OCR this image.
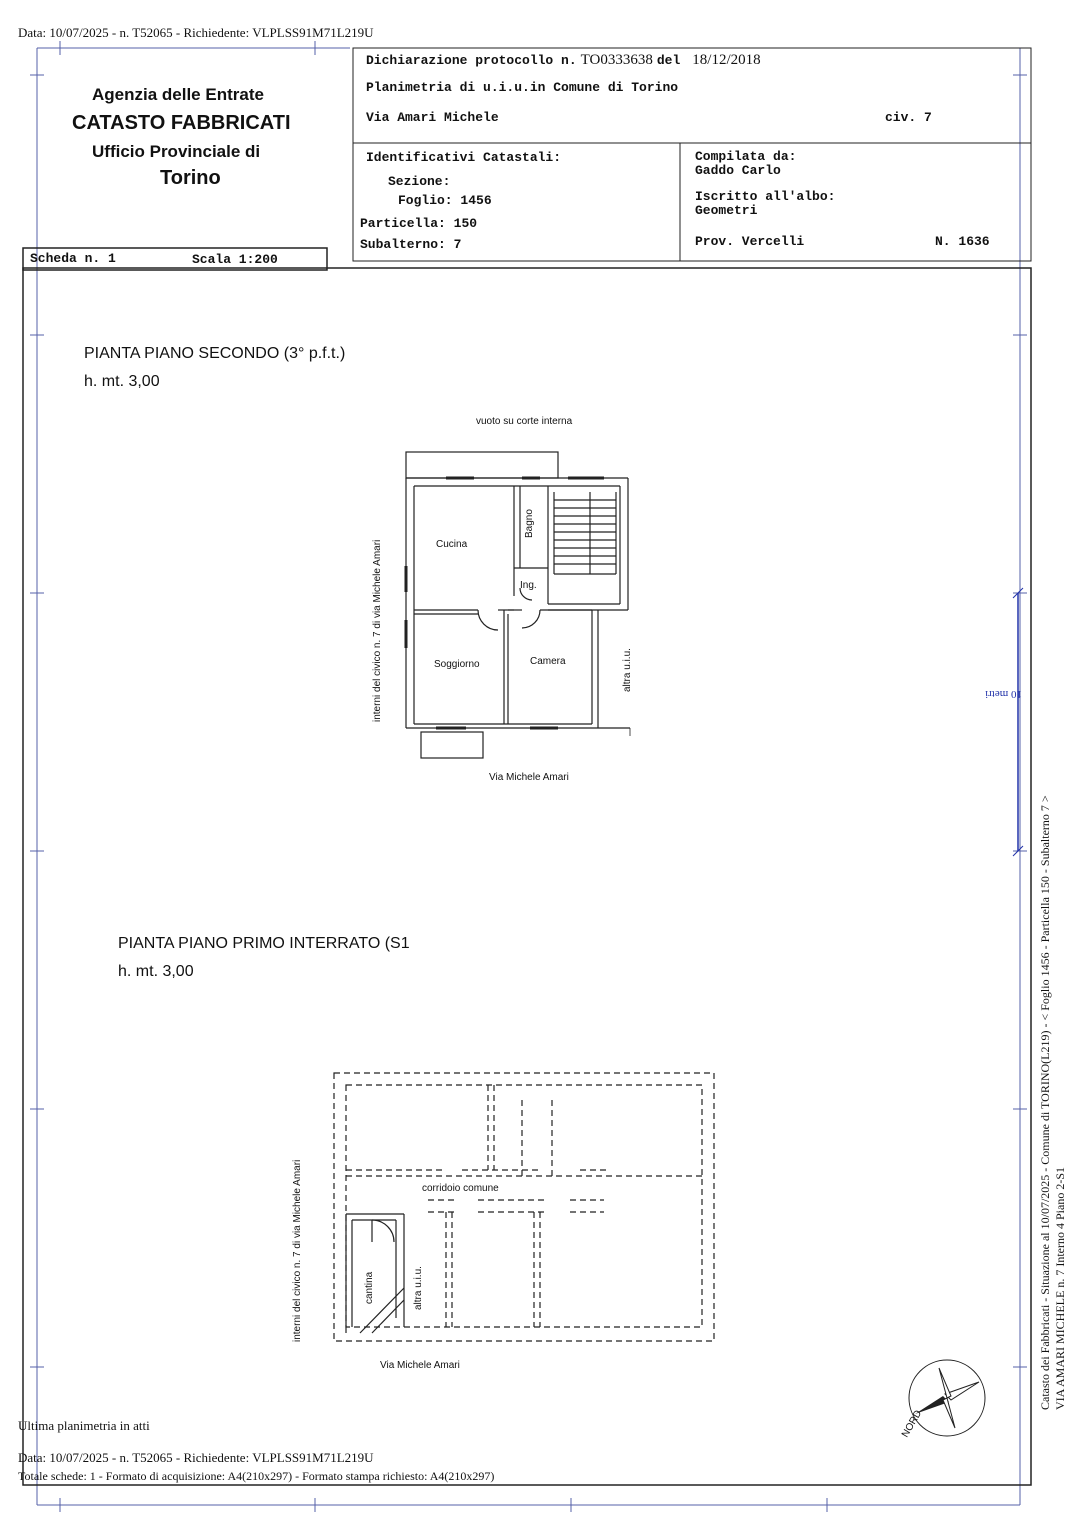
Data: 10/07/2025 - n. T52065 - Richiedente: VLPLSS91M71L219U
Agenzia delle Entrate
CATASTO FABBRICATI
Ufficio Provinciale di
Torino
Scheda n. 1	Scala 1:200
Dichiarazione protocollo n. TO0333638 del 18/12/2018
Planimetria di u.i.u.in Comune di Torino
Via Amari Michele	civ. 7
Identificativi Catastali:
Sezione:
Foglio: 1456
Particella: 150
Subalterno: 7
Compilata da:
Gaddo Carlo
Iscritto all'albo:
Geometri
Prov. Vercelli	N. 1636
PIANTA PIANO SECONDO (3° p.f.t.)
h. mt. 3,00
vuoto su corte interna
Cucina
Bagno
Ing.
Soggiorno	Camera	altra u.i.u.
interni del civico n. 7 di via Michele Amari
Via Michele Amari
PIANTA PIANO PRIMO INTERRATO (S1
h. mt. 3,00
corridoio comune
cantina	altra u.i.u.
interni del civico n. 7 di via Michele Amari
Via Michele Amari
10 metri
NORD
Catasto dei Fabbricati - Situazione al 10/07/2025 - Comune di TORINO(L219) - < Foglio 1456 - Particella 150 - Subalterno 7 > VIA AMARI MICHELE n. 7 Interno 4 Piano 2-S1
Ultima planimetria in atti
Data: 10/07/2025 - n. T52065 - Richiedente: VLPLSS91M71L219U
Totale schede: 1 - Formato di acquisizione: A4(210x297) - Formato stampa richiesto: A4(210x297)
